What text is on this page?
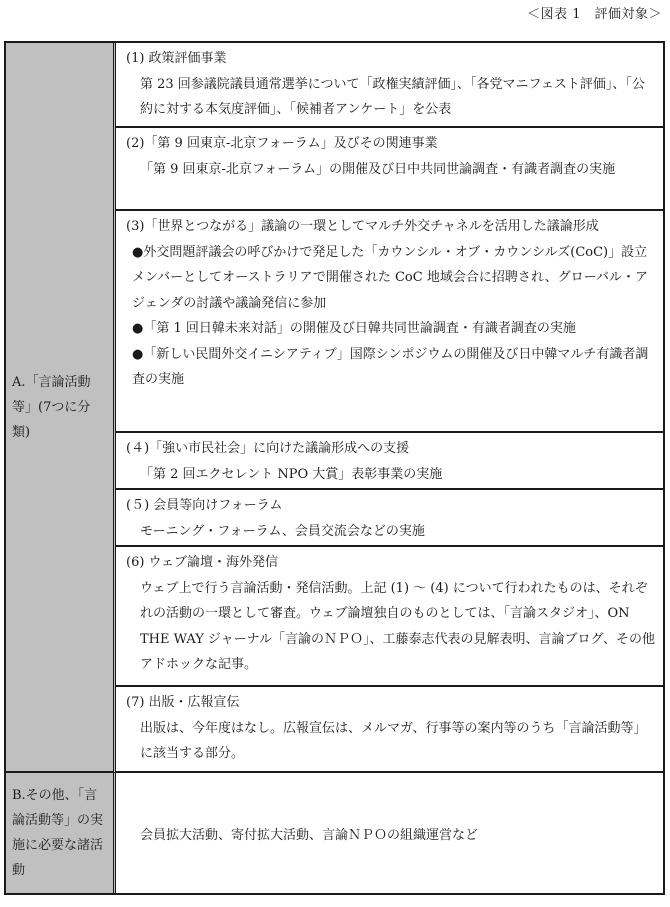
＜図表 1　評価対象＞
A.「言論活動等」(7つに分類)
(1) 政策評価事業
第 23 回参議院議員通常選挙について「政権実績評価」、「各党マニフェスト評価」、「公約に対する本気度評価」、「候補者アンケート」を公表
(2)「第 9 回東京-北京フォーラム」及びその関連事業
「第 9 回東京-北京フォーラム」の開催及び日中共同世論調査・有識者調査の実施
(3)「世界とつながる」議論の一環としてマルチ外交チャネルを活用した議論形成
●外交問題評議会の呼びかけで発足した「カウンシル・オブ・カウンシルズ(CoC)」設立メンバーとしてオーストラリアで開催された CoC 地域会合に招聘され、グローバル・アジェンダの討議や議論発信に参加
●「第 1 回日韓未来対話」の開催及び日韓共同世論調査・有識者調査の実施
●「新しい民間外交イニシアティブ」国際シンポジウムの開催及び日中韓マルチ有識者調査の実施
(４)「強い市民社会」に向けた議論形成への支援
「第 2 回エクセレント NPO 大賞」表彰事業の実施
(５) 会員等向けフォーラム
モーニング・フォーラム、会員交流会などの実施
(6) ウェブ論壇・海外発信
ウェブ上で行う言論活動・発信活動。上記 (1) ～ (4) について行われたものは、それぞれの活動の一環として審査。ウェブ論壇独自のものとしては、「言論スタジオ」、ON THE WAY ジャーナル「言論のＮＰＯ」、工藤泰志代表の見解表明、言論ブログ、その他アドホックな記事。
(7) 出版・広報宣伝
出版は、今年度はなし。広報宣伝は、メルマガ、行事等の案内等のうち「言論活動等」に該当する部分。
B.その他、「言論活動等」の実施に必要な諸活動
会員拡大活動、寄付拡大活動、言論ＮＰＯの組織運営など
